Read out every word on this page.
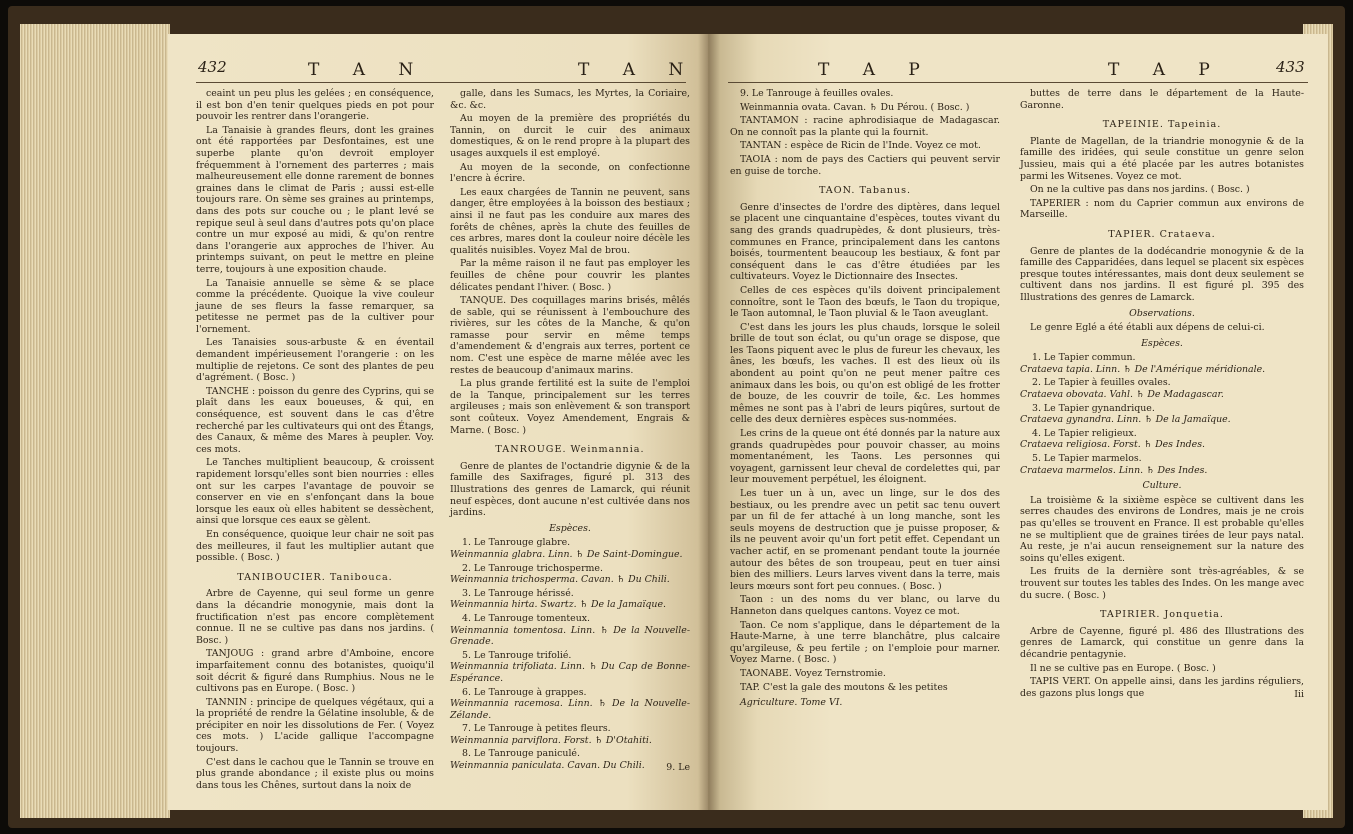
432	T A N	T A N

ceaint un peu plus les gelées ; en conséquence, il est bon d'en tenir quelques pieds en pot pour pouvoir les rentrer dans l'orangerie.

La Tanaisie à grandes fleurs, dont les graines ont été rapportées par Desfontaines, est une superbe plante qu'on devroit employer fréquemment à l'ornement des parterres ; mais malheureusement elle donne rarement de bonnes graines dans le climat de Paris ; aussi est-elle toujours rare. On sème ses graines au printemps, dans des pots sur couche ou ; le plant levé se repique seul à seul dans d'autres pots qu'on place contre un mur exposé au midi, & qu'on rentre dans l'orangerie aux approches de l'hiver. Au printemps suivant, on peut le mettre en pleine terre, toujours à une exposition chaude.

La Tanaisie annuelle se sème & se place comme la précédente. Quoique la vive couleur jaune de ses fleurs la fasse remarquer, sa petitesse ne permet pas de la cultiver pour l'ornement.

Les Tanaisies sous-arbuste & en éventail demandent impérieusement l'orangerie : on les multiplie de rejetons. Ce sont des plantes de peu d'agrément. ( Bosc. )

TANCHE : poisson du genre des Cyprins, qui se plaît dans les eaux boueuses, & qui, en conséquence, est souvent dans le cas d'être recherché par les cultivateurs qui ont des Étangs, des Canaux, & même des Mares à peupler. Voy. ces mots.

Le Tanches multiplient beaucoup, & croissent rapidement lorsqu'elles sont bien nourries : elles ont sur les carpes l'avantage de pouvoir se conserver en vie en s'enfonçant dans la boue lorsque les eaux où elles habitent se dessèchent, ainsi que lorsque ces eaux se gèlent.

En conséquence, quoique leur chair ne soit pas des meilleures, il faut les multiplier autant que possible. ( Bosc. )

TANIBOUCIER. Tanibouca.

Arbre de Cayenne, qui seul forme un genre dans la décandrie monogynie, mais dont la fructification n'est pas encore complètement connue. Il ne se cultive pas dans nos jardins. ( Bosc. )

TANJOUG : grand arbre d'Amboine, encore imparfaitement connu des botanistes, quoiqu'il soit décrit & figuré dans Rumphius. Nous ne le cultivons pas en Europe. ( Bosc. )

TANNIN : principe de quelques végétaux, qui a la propriété de rendre la Gélatine insoluble, & de précipiter en noir les dissolutions de Fer. ( Voyez ces mots. ) L'acide gallique l'accompagne toujours.

C'est dans le cachou que le Tannin se trouve en plus grande abondance ; il existe plus ou moins dans tous les Chênes, surtout dans la noix de

galle, dans les Sumacs, les Myrtes, la Coriaire, &c. &c.

Au moyen de la première des propriétés du Tannin, on durcit le cuir des animaux domestiques, & on le rend propre à la plupart des usages auxquels il est employé.

Au moyen de la seconde, on confectionne l'encre à écrire.

Les eaux chargées de Tannin ne peuvent, sans danger, être employées à la boisson des bestiaux ; ainsi il ne faut pas les conduire aux mares des forêts de chênes, après la chute des feuilles de ces arbres, mares dont la couleur noire décèle les qualités nuisibles. Voyez Mal de brou.

Par la même raison il ne faut pas employer les feuilles de chêne pour couvrir les plantes délicates pendant l'hiver. ( Bosc. )

TANQUE. Des coquillages marins brisés, mêlés de sable, qui se réunissent à l'embouchure des rivières, sur les côtes de la Manche, & qu'on ramasse pour servir en même temps d'amendement & d'engrais aux terres, portent ce nom. C'est une espèce de marne mêlée avec les restes de beaucoup d'animaux marins.

La plus grande fertilité est la suite de l'emploi de la Tanque, principalement sur les terres argileuses ; mais son enlèvement & son transport sont coûteux. Voyez Amendement, Engrais & Marne. ( Bosc. )

TANROUGE. Weinmannia.

Genre de plantes de l'octandrie digynie & de la famille des Saxifrages, figuré pl. 313 des Illustrations des genres de Lamarck, qui réunit neuf espèces, dont aucune n'est cultivée dans nos jardins.

Espèces.

1. Le Tanrouge glabre.

Weinmannia glabra. Linn. ♄ De Saint-Domingue.

2. Le Tanrouge trichosperme.

Weinmannia trichosperma. Cavan. ♄ Du Chili.

3. Le Tanrouge hérissé.

Weinmannia hirta. Swartz. ♄ De la Jamaïque.

4. Le Tanrouge tomenteux.

Weinmannia tomentosa. Linn. ♄ De la Nouvelle-Grenade.

5. Le Tanrouge trifolié.

Weinmannia trifoliata. Linn. ♄ Du Cap de Bonne-Espérance.

6. Le Tanrouge à grappes.

Weinmannia racemosa. Linn. ♄ De la Nouvelle-Zélande.

7. Le Tanrouge à petites fleurs.

Weinmannia parviflora. Forst. ♄ D'Otahiti.

8. Le Tanrouge paniculé.

Weinmannia paniculata. Cavan. Du Chili.	9. Le

T A P	T A P	433

9. Le Tanrouge à feuilles ovales.

Weinmannia ovata. Cavan. ♄ Du Pérou. ( Bosc. )

TANTAMON : racine aphrodisiaque de Madagascar. On ne connoît pas la plante qui la fournit.

TANTAN : espèce de Ricin de l'Inde. Voyez ce mot.

TAOIA : nom de pays des Cactiers qui peuvent servir en guise de torche.

TAON. Tabanus.

Genre d'insectes de l'ordre des diptères, dans lequel se placent une cinquantaine d'espèces, toutes vivant du sang des grands quadrupèdes, & dont plusieurs, très-communes en France, principalement dans les cantons boisés, tourmentent beaucoup les bestiaux, & font par conséquent dans le cas d'être étudiées par les cultivateurs. Voyez le Dictionnaire des Insectes.

Celles de ces espèces qu'ils doivent principalement connoître, sont le Taon des bœufs, le Taon du tropique, le Taon automnal, le Taon pluvial & le Taon aveuglant.

C'est dans les jours les plus chauds, lorsque le soleil brille de tout son éclat, ou qu'un orage se dispose, que les Taons piquent avec le plus de fureur les chevaux, les ânes, les bœufs, les vaches. Il est des lieux où ils abondent au point qu'on ne peut mener paître ces animaux dans les bois, ou qu'on est obligé de les frotter de bouze, de les couvrir de toile, &c. Les hommes mêmes ne sont pas à l'abri de leurs piqûres, surtout de celle des deux dernières espèces sus-nommées.

Les crins de la queue ont été donnés par la nature aux grands quadrupèdes pour pouvoir chasser, au moins momentanément, les Taons. Les personnes qui voyagent, garnissent leur cheval de cordelettes qui, par leur mouvement perpétuel, les éloignent.

Les tuer un à un, avec un linge, sur le dos des bestiaux, ou les prendre avec un petit sac tenu ouvert par un fil de fer attaché à un long manche, sont les seuls moyens de destruction que je puisse proposer, & ils ne peuvent avoir qu'un fort petit effet. Cependant un vacher actif, en se promenant pendant toute la journée autour des bêtes de son troupeau, peut en tuer ainsi bien des milliers. Leurs larves vivent dans la terre, mais leurs mœurs sont fort peu connues. ( Bosc. )

Taon : un des noms du ver blanc, ou larve du Hanneton dans quelques cantons. Voyez ce mot.

Taon. Ce nom s'applique, dans le département de la Haute-Marne, à une terre blanchâtre, plus calcaire qu'argileuse, & peu fertile ; on l'emploie pour marner. Voyez Marne. ( Bosc. )

TAONABE. Voyez Ternstromie.

TAP. C'est la gale des moutons & les petites

Agriculture. Tome VI.

buttes de terre dans le département de la Haute-Garonne.

TAPEINIE. Tapeinia.

Plante de Magellan, de la triandrie monogynie & de la famille des iridées, qui seule constitue un genre selon Jussieu, mais qui a été placée par les autres botanistes parmi les Witsenes. Voyez ce mot.

On ne la cultive pas dans nos jardins. ( Bosc. )

TAPERIER : nom du Caprier commun aux environs de Marseille.

TAPIER. Crataeva.

Genre de plantes de la dodécandrie monogynie & de la famille des Capparidées, dans lequel se placent six espèces presque toutes intéressantes, mais dont deux seulement se cultivent dans nos jardins. Il est figuré pl. 395 des Illustrations des genres de Lamarck.

Observations.

Le genre Eglé a été établi aux dépens de celui-ci.

Espèces.

1. Le Tapier commun.

Crataeva tapia. Linn. ♄ De l'Amérique méridionale.

2. Le Tapier à feuilles ovales.

Crataeva obovata. Vahl. ♄ De Madagascar.

3. Le Tapier gynandrique.

Crataeva gynandra. Linn. ♄ De la Jamaïque.

4. Le Tapier religieux.

Crataeva religiosa. Forst. ♄ Des Indes.

5. Le Tapier marmelos.

Crataeva marmelos. Linn. ♄ Des Indes.

Culture.

La troisième & la sixième espèce se cultivent dans les serres chaudes des environs de Londres, mais je ne crois pas qu'elles se trouvent en France. Il est probable qu'elles ne se multiplient que de graines tirées de leur pays natal. Au reste, je n'ai aucun renseignement sur la nature des soins qu'elles exigent.

Les fruits de la dernière sont très-agréables, & se trouvent sur toutes les tables des Indes. On les mange avec du sucre. ( Bosc. )

TAPIRIER. Jonquetia.

Arbre de Cayenne, figuré pl. 486 des Illustrations des genres de Lamarck, qui constitue un genre dans la décandrie pentagynie.

Il ne se cultive pas en Europe. ( Bosc. )

TAPIS VERT. On appelle ainsi, dans les jardins réguliers, des gazons plus longs que	Iii
